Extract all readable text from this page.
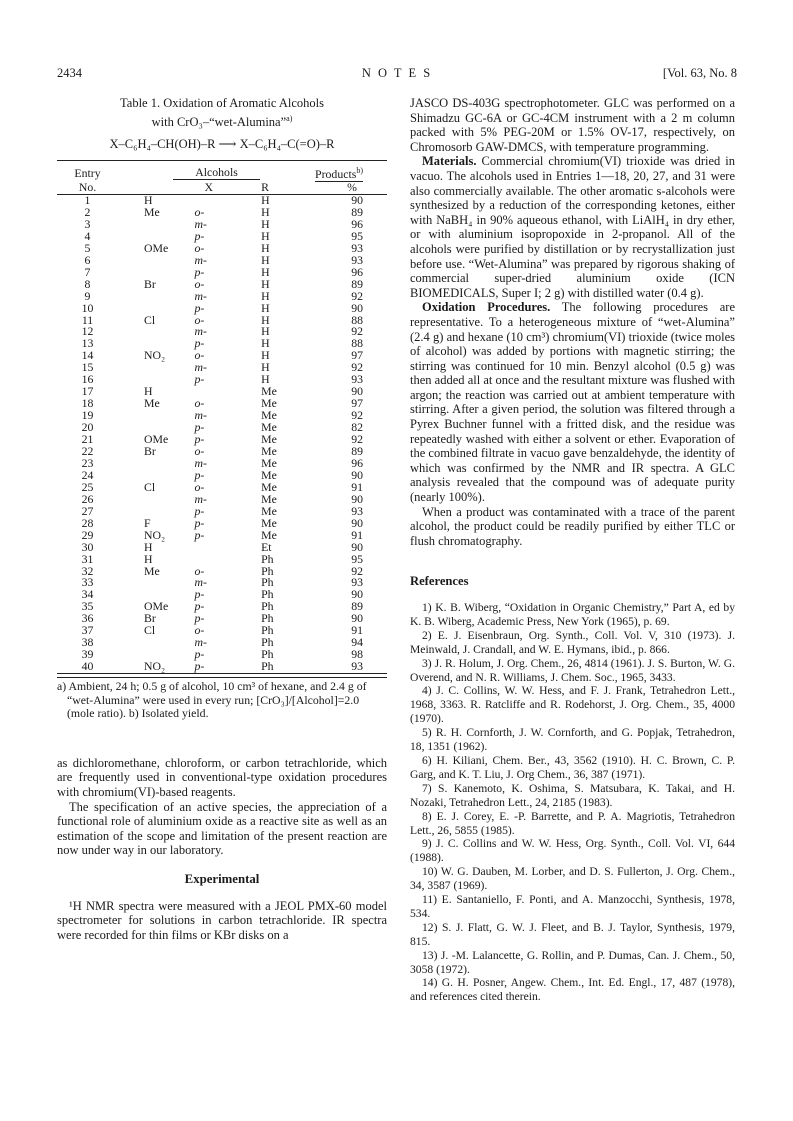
2434	N O T E S	[Vol. 63, No. 8
Table 1. Oxidation of Aromatic Alcohols
with CrO₃–“wet-Alumina”$^{a)}$
X–C₆H₄–CH(OH)–R ⟶ X–C₆H₄–C(=O)–R
Entry	Alcohols			Products$^{b)}$
No.		X	R	%
1	H		H	90
2	Me	o-	H	89
3		m-	H	96
4		p-	H	95
5	OMe	o-	H	93
6		m-	H	93
7		p-	H	96
8	Br	o-	H	89
9		m-	H	92
10		p-	H	90
11	Cl	o-	H	88
12		m-	H	92
13		p-	H	88
14	NO₂	o-	H	97
15		m-	H	92
16		p-	H	93
17	H		Me	90
18	Me	o-	Me	97
19		m-	Me	92
20		p-	Me	82
21	OMe	p-	Me	92
22	Br	o-	Me	89
23		m-	Me	96
24		p-	Me	90
25	Cl	o-	Me	91
26		m-	Me	90
27		p-	Me	93
28	F	p-	Me	90
29	NO₂	p-	Me	91
30	H		Et	90
31	H		Ph	95
32	Me	o-	Ph	92
33		m-	Ph	93
34		p-	Ph	90
35	OMe	p-	Ph	89
36	Br	p-	Ph	90
37	Cl	o-	Ph	91
38		m-	Ph	94
39		p-	Ph	98
40	NO₂	p-	Ph	93
a) Ambient, 24 h; 0.5 g of alcohol, 10 cm³ of hexane, and 2.4 g of “wet-Alumina” were used in every run; [CrO₃]/[Alcohol]=2.0 (mole ratio). b) Isolated yield.

as dichloromethane, chloroform, or carbon tetrachloride, which are frequently used in conventional-type oxidation procedures with chromium(VI)-based reagents.

The specification of an active species, the appreciation of a functional role of aluminium oxide as a reactive site as well as an estimation of the scope and limitation of the present reaction are now under way in our laboratory.

Experimental

¹H NMR spectra were measured with a JEOL PMX-60 model spectrometer for solutions in carbon tetrachloride. IR spectra were recorded for thin films or KBr disks on a

JASCO DS-403G spectrophotometer. GLC was performed on a Shimadzu GC-6A or GC-4CM instrument with a 2 m column packed with 5% PEG-20M or 1.5% OV-17, respectively, on Chromosorb GAW-DMCS, with temperature programming.

Materials. Commercial chromium(VI) trioxide was dried in vacuo. The alcohols used in Entries 1—18, 20, 27, and 31 were also commercially available. The other aromatic s-alcohols were synthesized by a reduction of the corresponding ketones, either with NaBH₄ in 90% aqueous ethanol, with LiAlH₄ in dry ether, or with aluminium isopropoxide in 2-propanol. All of the alcohols were purified by distillation or by recrystallization just before use. “Wet-Alumina” was prepared by rigorous shaking of commercial super-dried aluminium oxide (ICN BIOMEDICALS, Super I; 2 g) with distilled water (0.4 g).

Oxidation Procedures. The following procedures are representative. To a heterogeneous mixture of “wet-Alumina” (2.4 g) and hexane (10 cm³) chromium(VI) trioxide (twice moles of alcohol) was added by portions with magnetic stirring; the stirring was continued for 10 min. Benzyl alcohol (0.5 g) was then added all at once and the resultant mixture was flushed with argon; the reaction was carried out at ambient temperature with stirring. After a given period, the solution was filtered through a Pyrex Buchner funnel with a fritted disk, and the residue was repeatedly washed with either a solvent or ether. Evaporation of the combined filtrate in vacuo gave benzaldehyde, the identity of which was confirmed by the NMR and IR spectra. A GLC analysis revealed that the compound was of adequate purity (nearly 100%).

When a product was contaminated with a trace of the parent alcohol, the product could be readily purified by either TLC or flush chromatography.

References

1) K. B. Wiberg, “Oxidation in Organic Chemistry,” Part A, ed by K. B. Wiberg, Academic Press, New York (1965), p. 69.

2) E. J. Eisenbraun, Org. Synth., Coll. Vol. V, 310 (1973). J. Meinwald, J. Crandall, and W. E. Hymans, ibid., p. 866.

3) J. R. Holum, J. Org. Chem., 26, 4814 (1961). J. S. Burton, W. G. Overend, and N. R. Williams, J. Chem. Soc., 1965, 3433.

4) J. C. Collins, W. W. Hess, and F. J. Frank, Tetrahedron Lett., 1968, 3363. R. Ratcliffe and R. Rodehorst, J. Org. Chem., 35, 4000 (1970).

5) R. H. Cornforth, J. W. Cornforth, and G. Popjak, Tetrahedron, 18, 1351 (1962).

6) H. Kiliani, Chem. Ber., 43, 3562 (1910). H. C. Brown, C. P. Garg, and K. T. Liu, J. Org Chem., 36, 387 (1971).

7) S. Kanemoto, K. Oshima, S. Matsubara, K. Takai, and H. Nozaki, Tetrahedron Lett., 24, 2185 (1983).

8) E. J. Corey, E. -P. Barrette, and P. A. Magriotis, Tetrahedron Lett., 26, 5855 (1985).

9) J. C. Collins and W. W. Hess, Org. Synth., Coll. Vol. VI, 644 (1988).

10) W. G. Dauben, M. Lorber, and D. S. Fullerton, J. Org. Chem., 34, 3587 (1969).

11) E. Santaniello, F. Ponti, and A. Manzocchi, Synthesis, 1978, 534.

12) S. J. Flatt, G. W. J. Fleet, and B. J. Taylor, Synthesis, 1979, 815.

13) J. -M. Lalancette, G. Rollin, and P. Dumas, Can. J. Chem., 50, 3058 (1972).

14) G. H. Posner, Angew. Chem., Int. Ed. Engl., 17, 487 (1978), and references cited therein.
